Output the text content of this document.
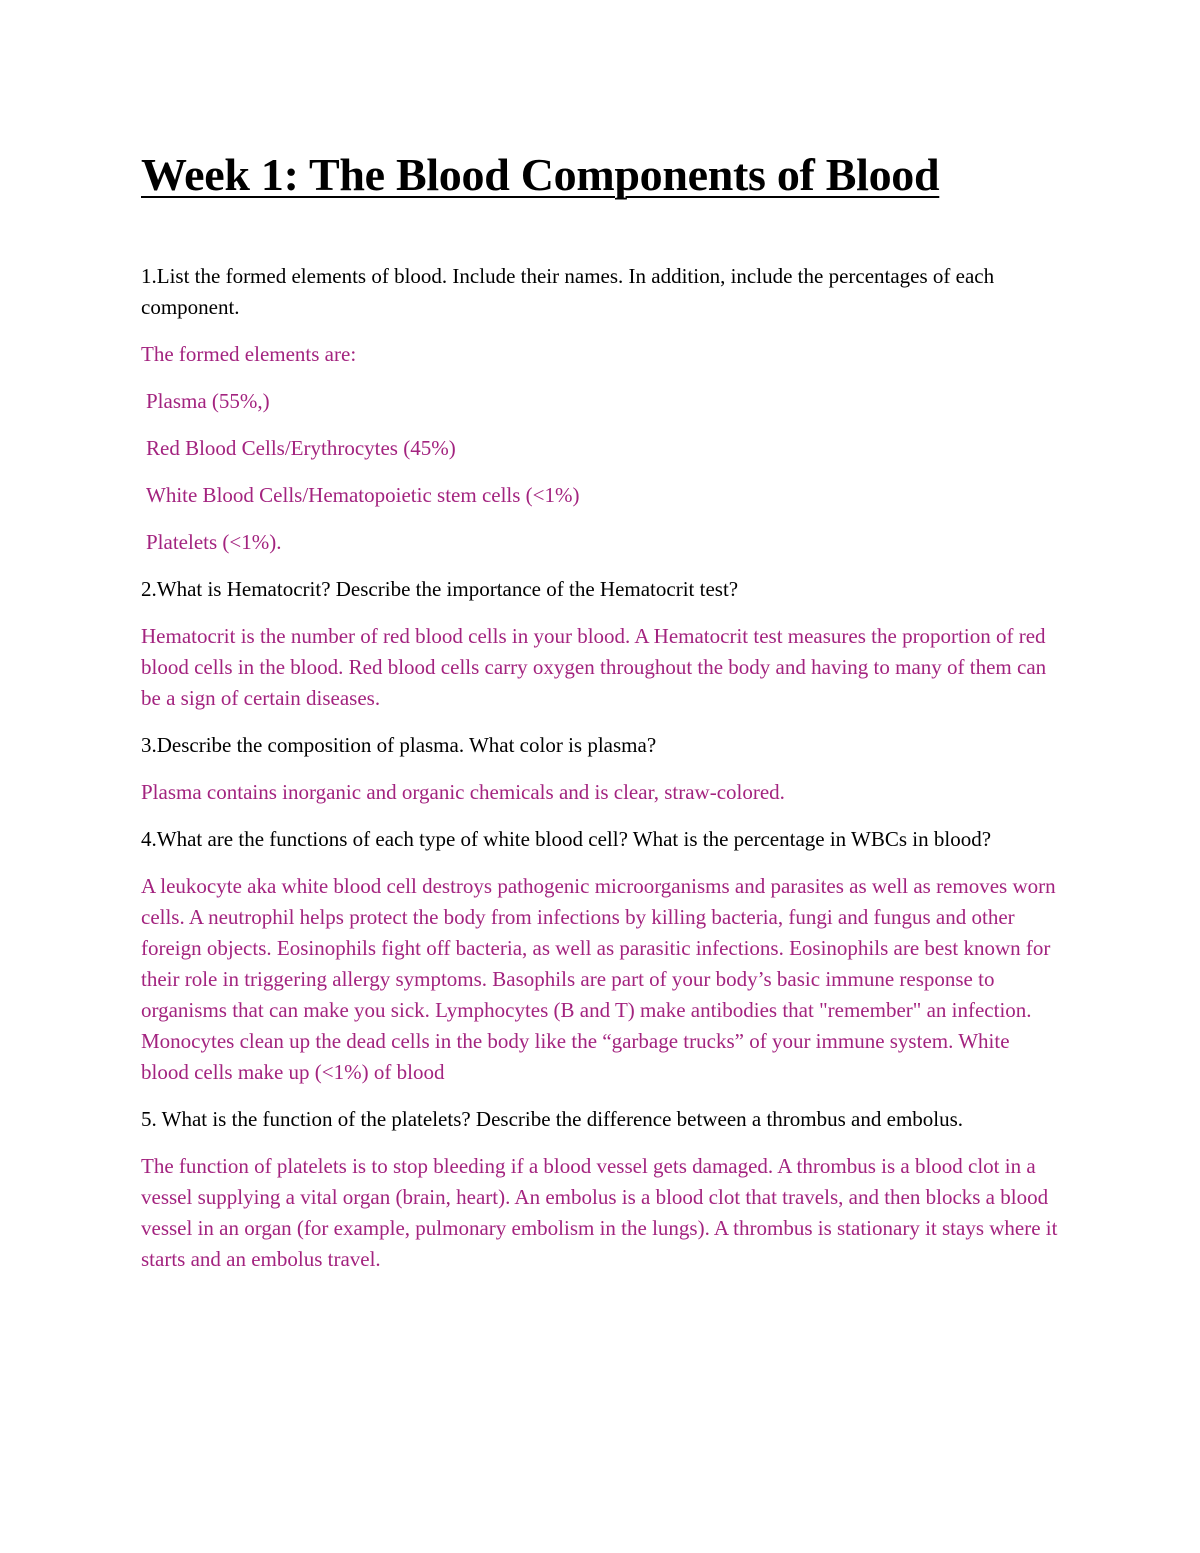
Week 1: The Blood Components of Blood

1.List the formed elements of blood. Include their names. In addition, include the percentages of each component.

The formed elements are:

Plasma (55%,)

Red Blood Cells/Erythrocytes (45%)

White Blood Cells/Hematopoietic stem cells (<1%)

Platelets (<1%).

2.What is Hematocrit? Describe the importance of the Hematocrit test?

Hematocrit is the number of red blood cells in your blood. A Hematocrit test measures the proportion of red blood cells in the blood. Red blood cells carry oxygen throughout the body and having to many of them can be a sign of certain diseases.

3.Describe the composition of plasma. What color is plasma?

Plasma contains inorganic and organic chemicals and is clear, straw-colored.

4.What are the functions of each type of white blood cell? What is the percentage in WBCs in blood?

A leukocyte aka white blood cell destroys pathogenic microorganisms and parasites as well as removes worn cells. A neutrophil helps protect the body from infections by killing bacteria, fungi and fungus and other foreign objects. Eosinophils fight off bacteria, as well as parasitic infections. Eosinophils are best known for their role in triggering allergy symptoms. Basophils are part of your body’s basic immune response to organisms that can make you sick. Lymphocytes (B and T) make antibodies that "remember" an infection. Monocytes clean up the dead cells in the body like the “garbage trucks” of your immune system. White blood cells make up (<1%) of blood

5. What is the function of the platelets? Describe the difference between a thrombus and embolus.

The function of platelets is to stop bleeding if a blood vessel gets damaged. A thrombus is a blood clot in a vessel supplying a vital organ (brain, heart). An embolus is a blood clot that travels, and then blocks a blood vessel in an organ (for example, pulmonary embolism in the lungs). A thrombus is stationary it stays where it starts and an embolus travel.
